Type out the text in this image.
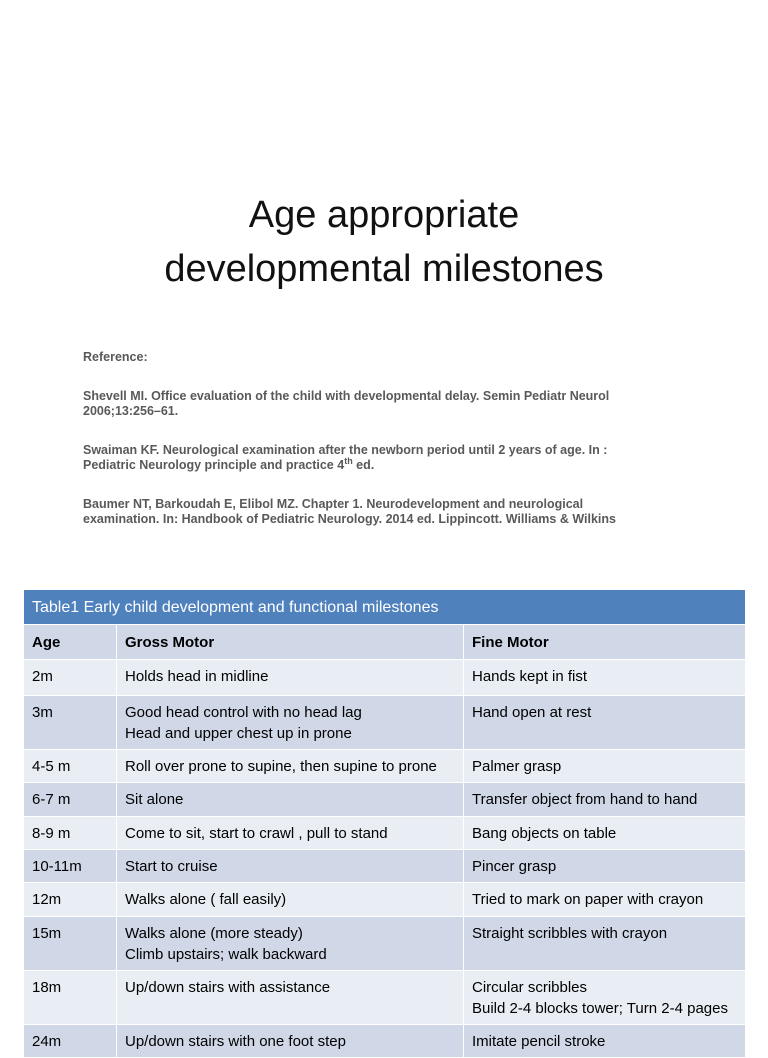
Age appropriate
developmental milestones

Reference:

Shevell MI. Office evaluation of the child with developmental delay. Semin Pediatr Neurol
2006;13:256–61.

Swaiman KF. Neurological examination after the newborn period until 2 years of age. In :
Pediatric Neurology principle and practice 4th ed.

Baumer NT, Barkoudah E, Elibol MZ. Chapter 1. Neurodevelopment and neurological
examination. In: Handbook of Pediatric Neurology. 2014 ed. Lippincott. Williams & Wilkins

Table1 Early child development and functional milestones		
Age	Gross Motor	Fine Motor
2m	Holds head in midline	Hands kept in fist

3m	Good head control with no head lag
Head and upper chest up in prone	Hand open at rest

4-5 m	Roll over prone to supine, then supine to prone	Palmer grasp

6-7 m	Sit alone	Transfer object from hand to hand

8-9 m	Come to sit, start to crawl , pull to stand	Bang objects on table

10-11m	Start to cruise	Pincer grasp

12m	Walks alone ( fall easily)	Tried to mark on paper with crayon

15m	Walks alone (more steady)
Climb upstairs; walk backward	Straight scribbles with crayon

18m	Up/down stairs with assistance	Circular scribbles
Build 2-4 blocks tower; Turn 2-4 pages

24m	Up/down stairs with one foot step	Imitate pencil stroke
